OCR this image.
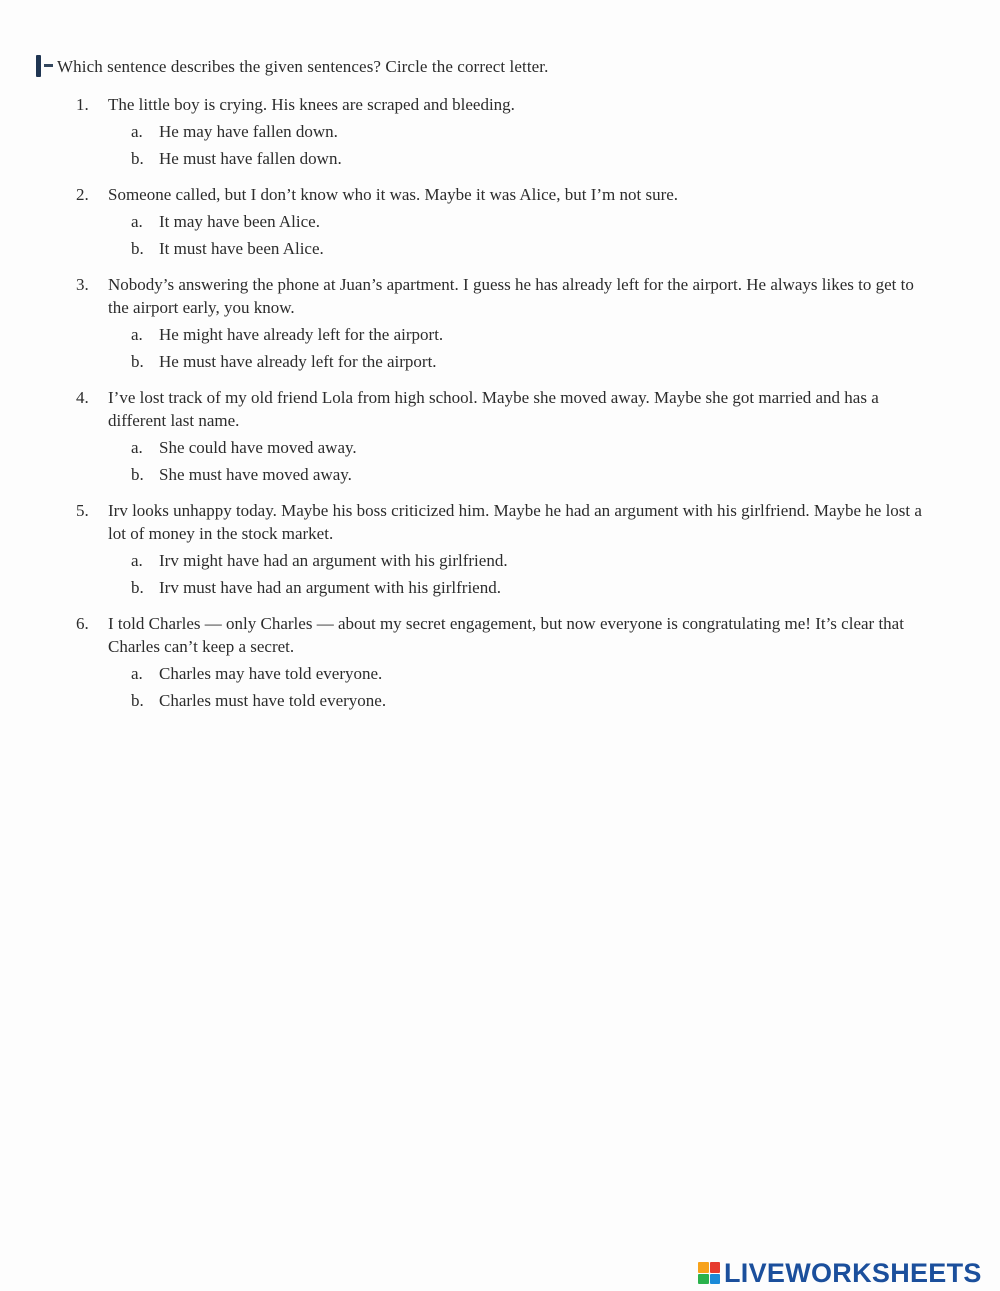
Which sentence describes the given sentences? Circle the correct letter.
1.	The little boy is crying. His knees are scraped and bleeding.
a. He may have fallen down.
b. He must have fallen down.
2.	Someone called, but I don’t know who it was. Maybe it was Alice, but I’m not sure.
a. It may have been Alice.
b. It must have been Alice.
3.	Nobody’s answering the phone at Juan’s apartment. I guess he has already left for the airport. He always likes to get to the airport early, you know.
a. He might have already left for the airport.
b. He must have already left for the airport.
4.	I’ve lost track of my old friend Lola from high school. Maybe she moved away. Maybe she got married and has a different last name.
a. She could have moved away.
b. She must have moved away.
5.	Irv looks unhappy today. Maybe his boss criticized him. Maybe he had an argument with his girlfriend. Maybe he lost a lot of money in the stock market.
a. Irv might have had an argument with his girlfriend.
b. Irv must have had an argument with his girlfriend.
6.	I told Charles — only Charles — about my secret engagement, but now everyone is congratulating me! It’s clear that Charles can’t keep a secret.
a. Charles may have told everyone.
b. Charles must have told everyone.
LIVEWORKSHEETS
